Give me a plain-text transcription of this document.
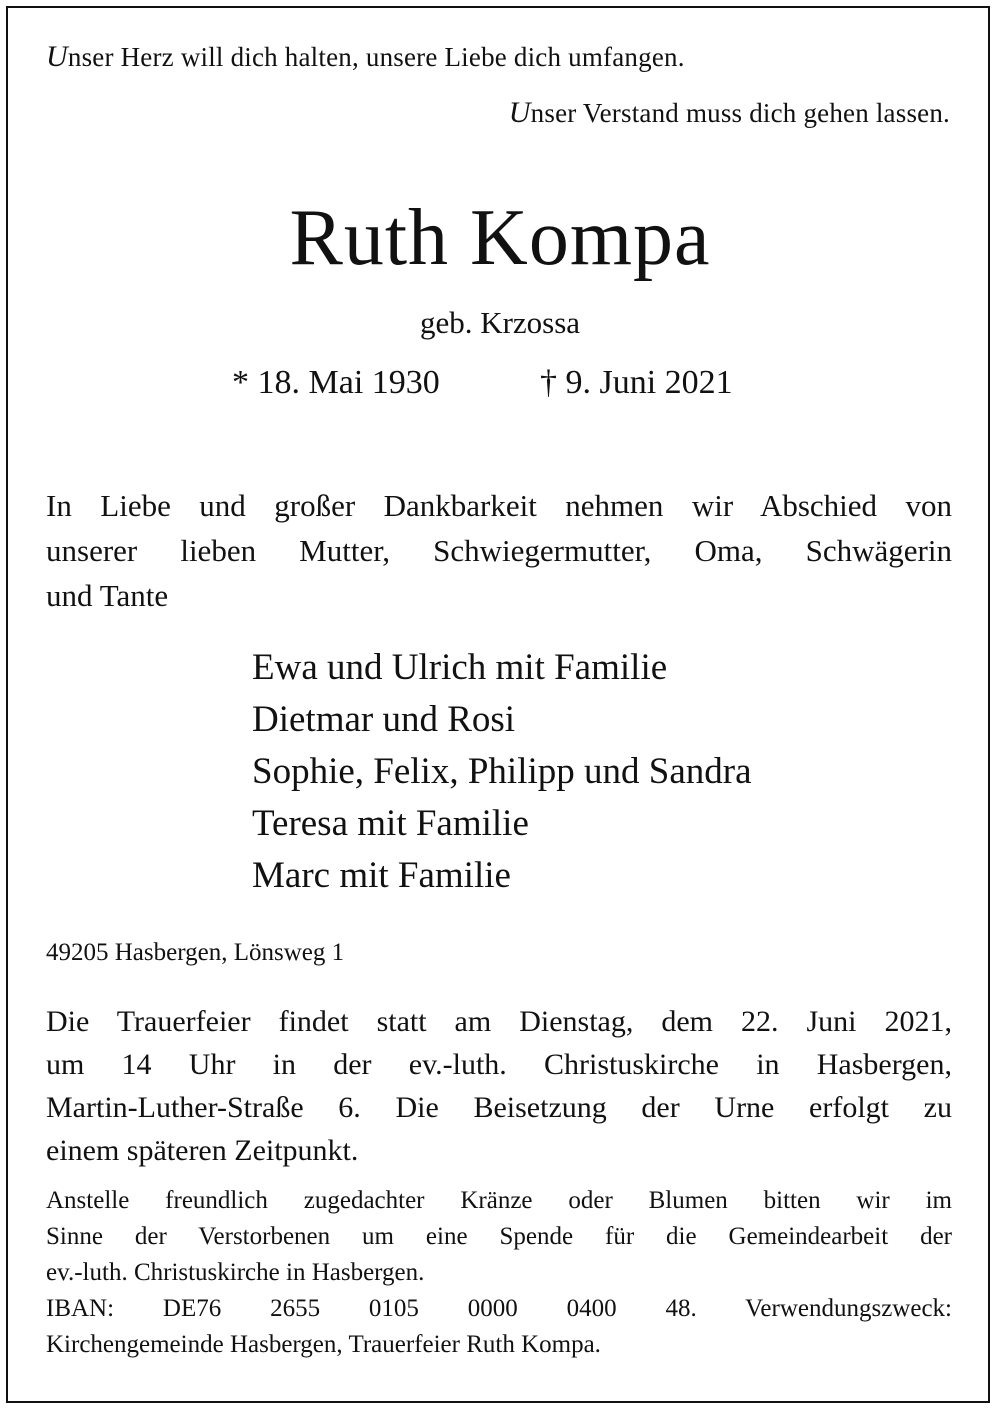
Unser Herz will dich halten, unsere Liebe dich umfangen.
Unser Verstand muss dich gehen lassen.
Ruth Kompa
geb. Krzossa
* 18. Mai 1930	† 9. Juni 2021
In Liebe und großer Dankbarkeit nehmen wir Abschied von
unserer lieben Mutter, Schwiegermutter, Oma, Schwägerin
und Tante
Ewa und Ulrich mit Familie
Dietmar und Rosi
Sophie, Felix, Philipp und Sandra
Teresa mit Familie
Marc mit Familie
49205 Hasbergen, Lönsweg 1
Die Trauerfeier findet statt am Dienstag, dem 22. Juni 2021,
um 14 Uhr in der ev.-luth. Christuskirche in Hasbergen,
Martin-Luther-Straße 6. Die Beisetzung der Urne erfolgt zu
einem späteren Zeitpunkt.
Anstelle freundlich zugedachter Kränze oder Blumen bitten wir im
Sinne der Verstorbenen um eine Spende für die Gemeindearbeit der
ev.-luth. Christuskirche in Hasbergen.
IBAN: DE76 2655 0105 0000 0400 48. Verwendungszweck:
Kirchengemeinde Hasbergen, Trauerfeier Ruth Kompa.
